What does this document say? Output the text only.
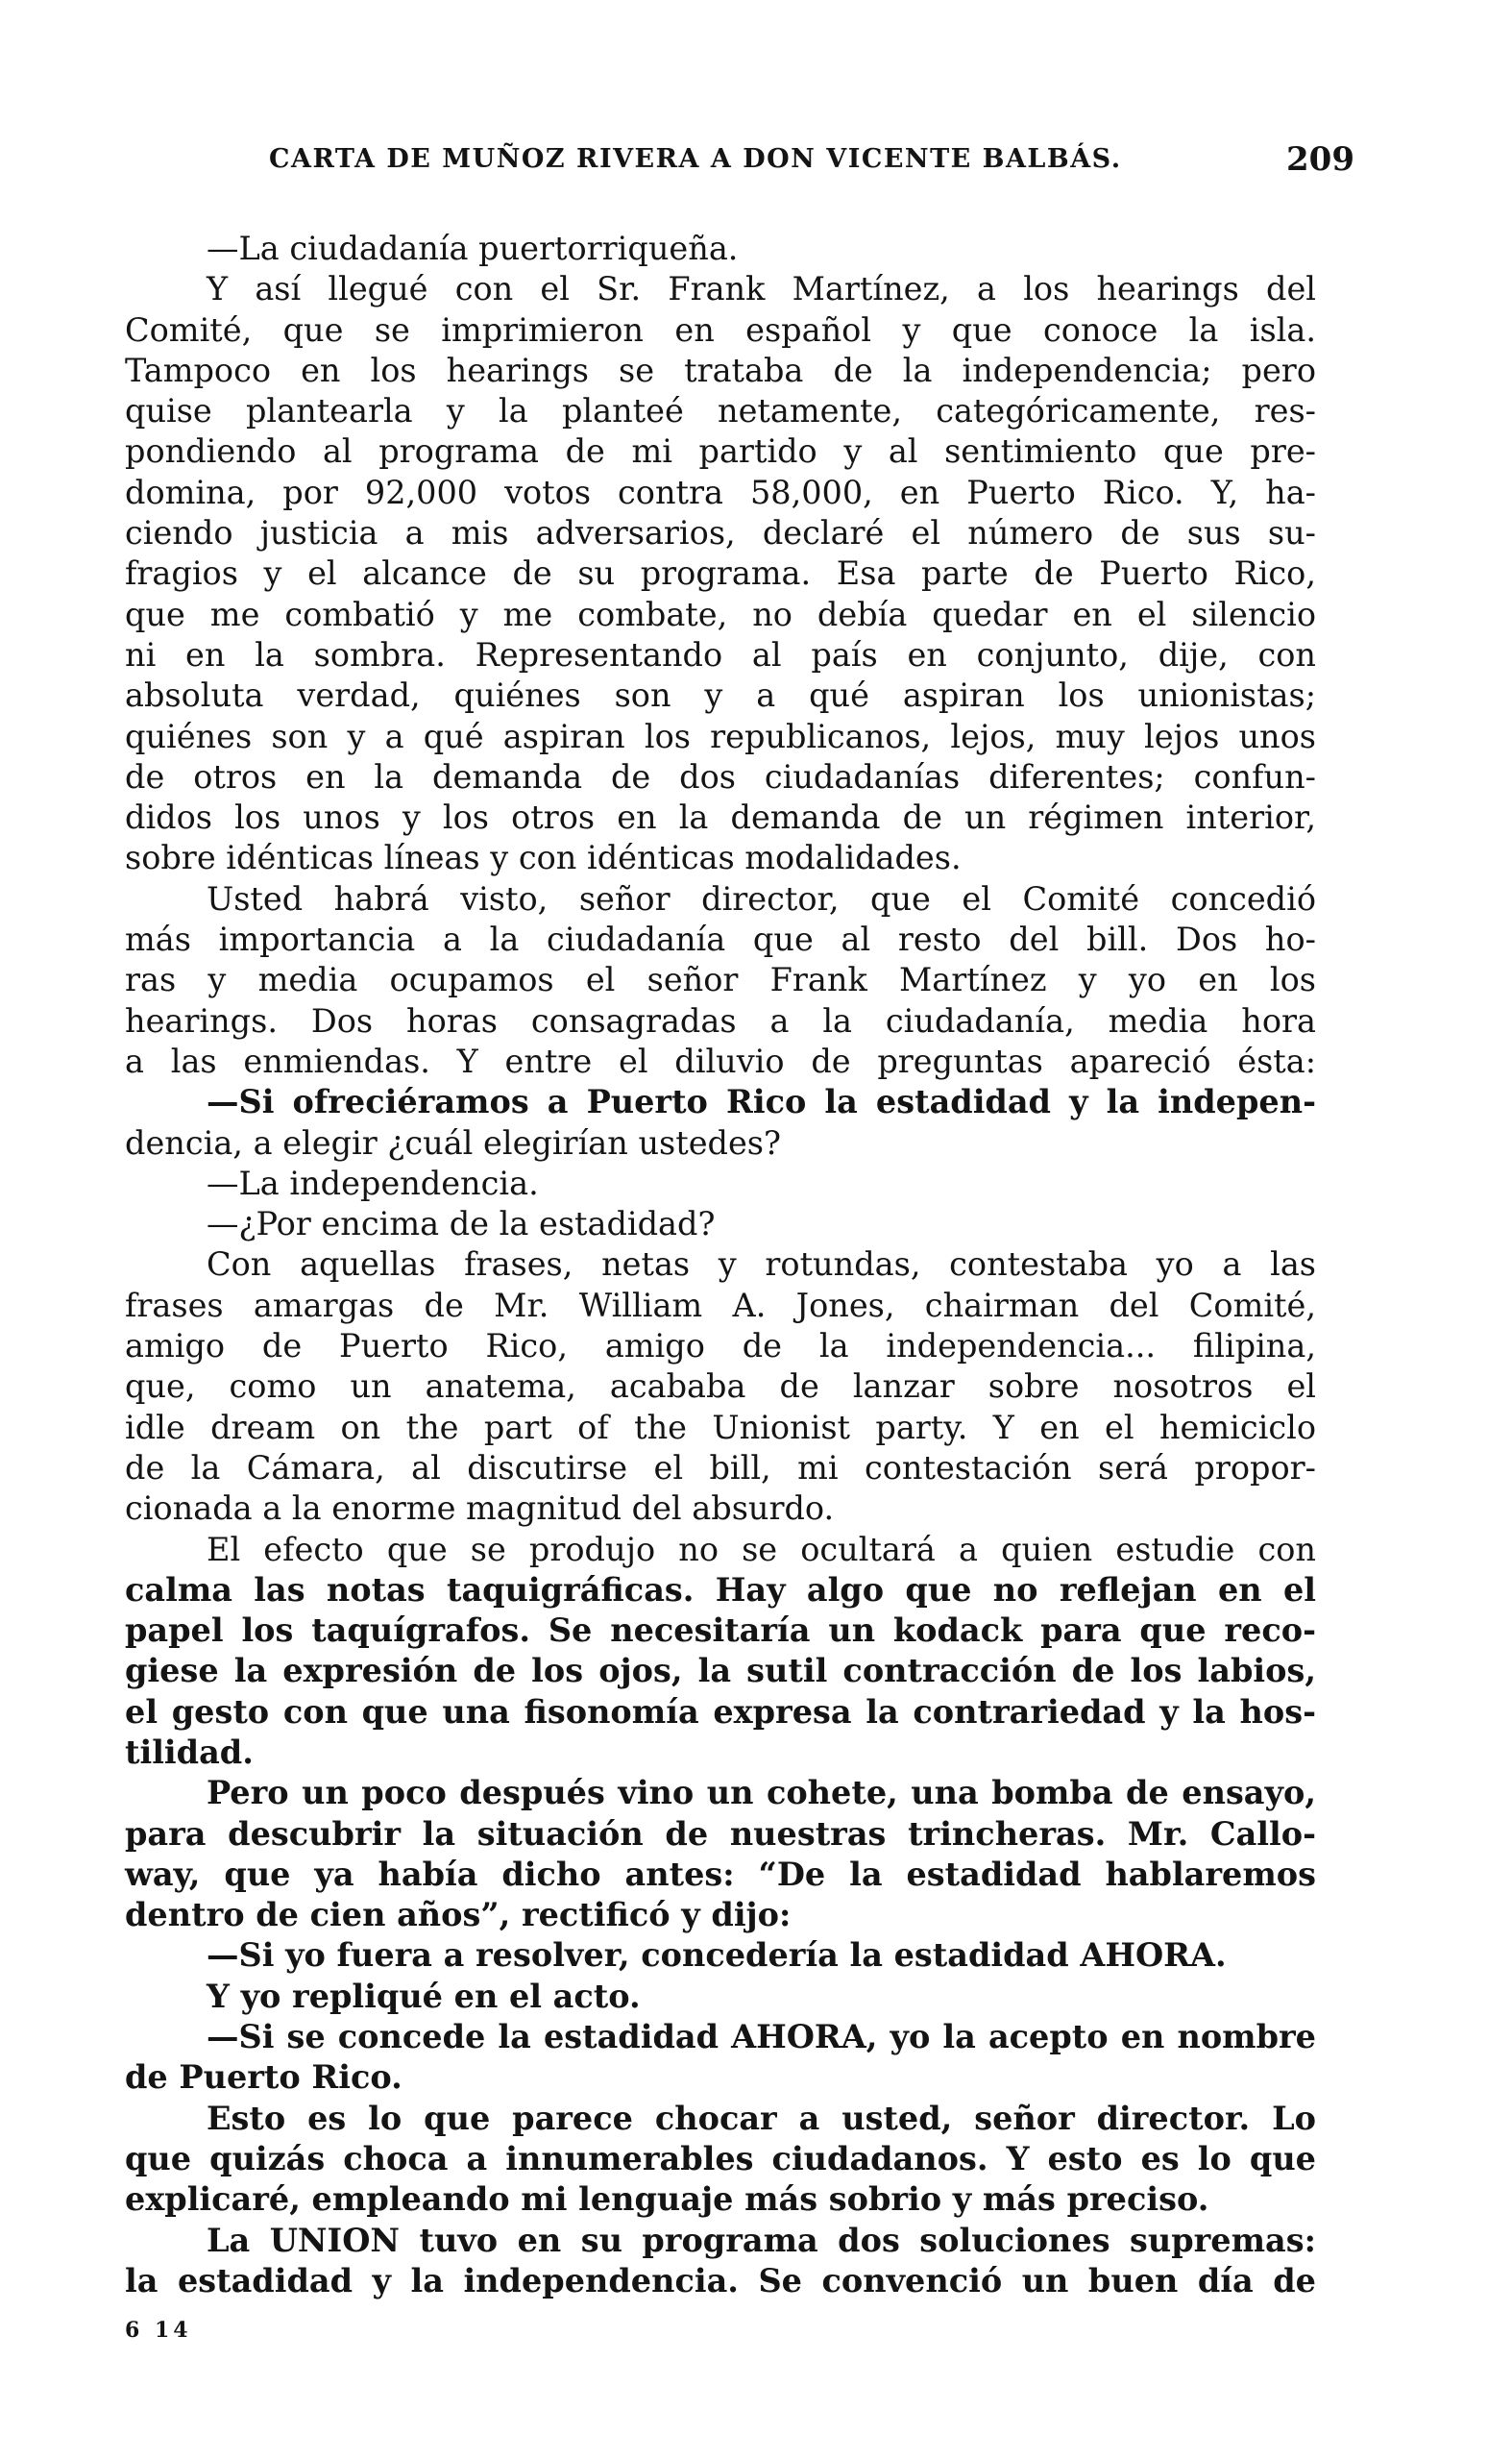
CARTA DE MUÑOZ RIVERA A DON VICENTE BALBÁS.	209
—La ciudadanía puertorriqueña.
Y así llegué con el Sr. Frank Martínez, a los hearings del
Comité, que se imprimieron en español y que conoce la isla.
Tampoco en los hearings se trataba de la independencia; pero
quise plantearla y la planteé netamente, categóricamente, res-
pondiendo al programa de mi partido y al sentimiento que pre-
domina, por 92,000 votos contra 58,000, en Puerto Rico. Y, ha-
ciendo justicia a mis adversarios, declaré el número de sus su-
fragios y el alcance de su programa. Esa parte de Puerto Rico,
que me combatió y me combate, no debía quedar en el silencio
ni en la sombra. Representando al país en conjunto, dije, con
absoluta verdad, quiénes son y a qué aspiran los unionistas;
quiénes son y a qué aspiran los republicanos, lejos, muy lejos unos
de otros en la demanda de dos ciudadanías diferentes; confun-
didos los unos y los otros en la demanda de un régimen interior,
sobre idénticas líneas y con idénticas modalidades.
Usted habrá visto, señor director, que el Comité concedió
más importancia a la ciudadanía que al resto del bill. Dos ho-
ras y media ocupamos el señor Frank Martínez y yo en los
hearings. Dos horas consagradas a la ciudadanía, media hora
a las enmiendas. Y entre el diluvio de preguntas apareció ésta:
—Si ofreciéramos a Puerto Rico la estadidad y la indepen-
dencia, a elegir ¿cuál elegirían ustedes?
—La independencia.
—¿Por encima de la estadidad?
Con aquellas frases, netas y rotundas, contestaba yo a las
frases amargas de Mr. William A. Jones, chairman del Comité,
amigo de Puerto Rico, amigo de la independencia... filipina,
que, como un anatema, acababa de lanzar sobre nosotros el
idle dream on the part of the Unionist party. Y en el hemiciclo
de la Cámara, al discutirse el bill, mi contestación será propor-
cionada a la enorme magnitud del absurdo.
El efecto que se produjo no se ocultará a quien estudie con
calma las notas taquigráficas. Hay algo que no reflejan en el
papel los taquígrafos. Se necesitaría un kodack para que reco-
giese la expresión de los ojos, la sutil contracción de los labios,
el gesto con que una fisonomía expresa la contrariedad y la hos-
tilidad.
Pero un poco después vino un cohete, una bomba de ensayo,
para descubrir la situación de nuestras trincheras. Mr. Callo-
way, que ya había dicho antes: “De la estadidad hablaremos
dentro de cien años”, rectificó y dijo:
—Si yo fuera a resolver, concedería la estadidad AHORA.
Y yo repliqué en el acto.
—Si se concede la estadidad AHORA, yo la acepto en nombre
de Puerto Rico.
Esto es lo que parece chocar a usted, señor director. Lo
que quizás choca a innumerables ciudadanos. Y esto es lo que
explicaré, empleando mi lenguaje más sobrio y más preciso.
La UNION tuvo en su programa dos soluciones supremas:
la estadidad y la independencia. Se convenció un buen día de
6 14
